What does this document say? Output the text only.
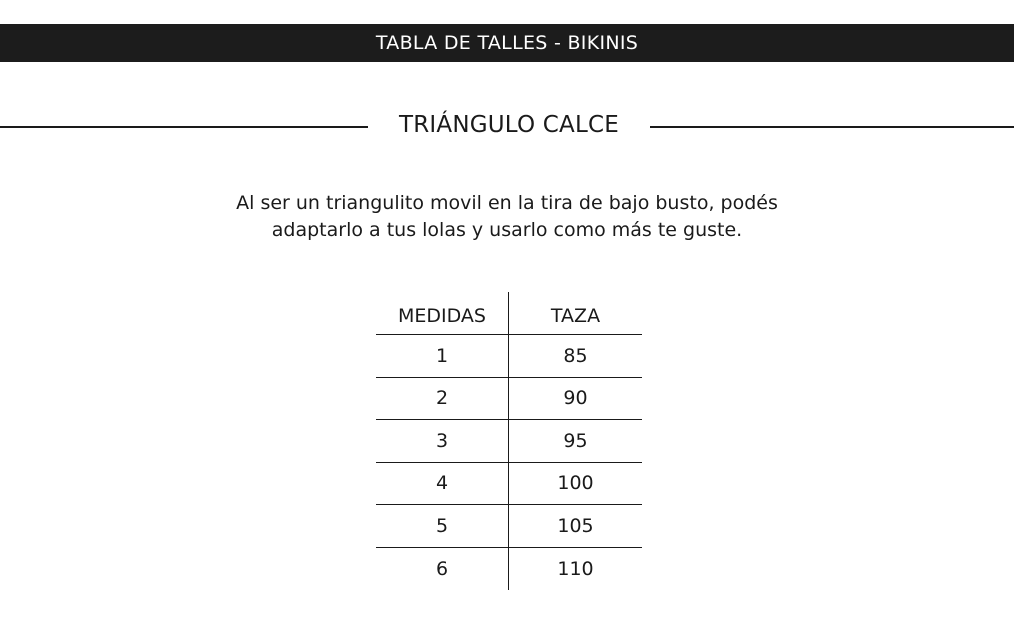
TABLA DE TALLES - BIKINIS
TRIÁNGULO CALCE

Al ser un triangulito movil en la tira de bajo busto, podés
adaptarlo a tus lolas y usarlo como más te guste.

MEDIDAS	TAZA
1	85
2	90
3	95
4	100
5	105
6	110
